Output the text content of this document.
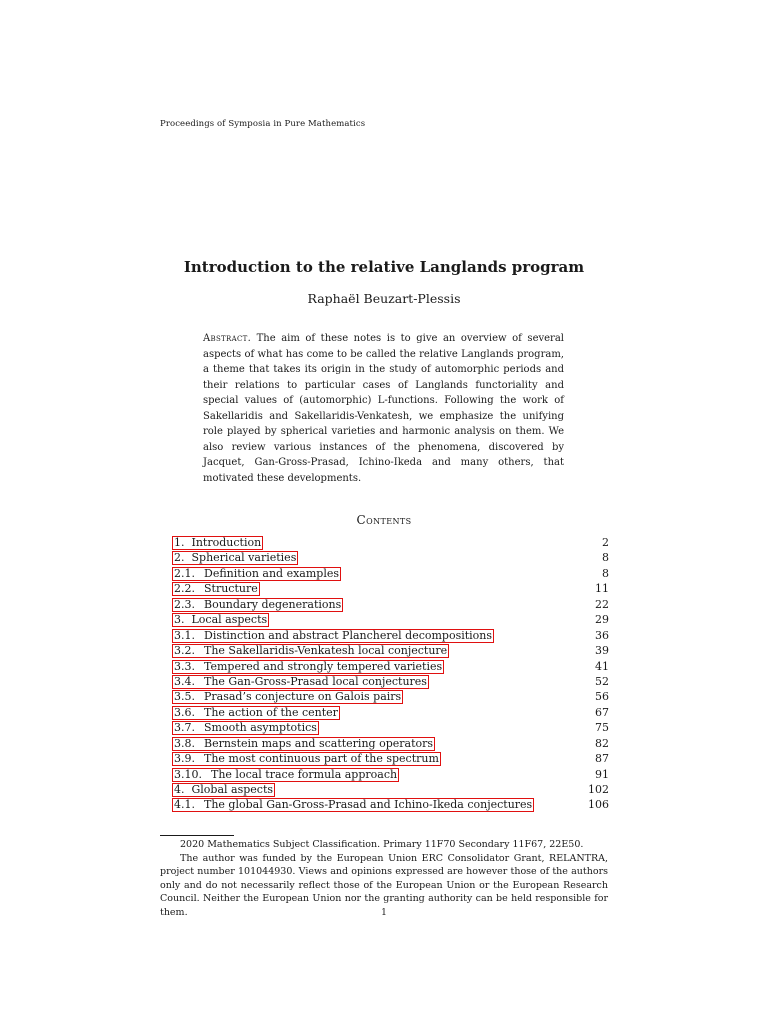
Proceedings of Symposia in Pure Mathematics
Introduction to the relative Langlands program
Raphaël Beuzart-Plessis
Abstract. The aim of these notes is to give an overview of several aspects of what has come to be called the relative Langlands program, a theme that takes its origin in the study of automorphic periods and their relations to particular cases of Langlands functoriality and special values of (automorphic) L-functions. Following the work of Sakellaridis and Sakellaridis-Venkatesh, we emphasize the unifying role played by spherical varieties and harmonic analysis on them. We also review various instances of the phenomena, discovered by Jacquet, Gan-Gross-Prasad, Ichino-Ikeda and many others, that motivated these developments.
Contents
1. Introduction	2
2. Spherical varieties	8
2.1. Definition and examples	8
2.2. Structure	11
2.3. Boundary degenerations	22
3. Local aspects	29
3.1. Distinction and abstract Plancherel decompositions	36
3.2. The Sakellaridis-Venkatesh local conjecture	39
3.3. Tempered and strongly tempered varieties	41
3.4. The Gan-Gross-Prasad local conjectures	52
3.5. Prasad’s conjecture on Galois pairs	56
3.6. The action of the center	67
3.7. Smooth asymptotics	75
3.8. Bernstein maps and scattering operators	82
3.9. The most continuous part of the spectrum	87
3.10. The local trace formula approach	91
4. Global aspects	102
4.1. The global Gan-Gross-Prasad and Ichino-Ikeda conjectures	106

2020 Mathematics Subject Classification. Primary 11F70 Secondary 11F67, 22E50.

The author was funded by the European Union ERC Consolidator Grant, RELANTRA, project number 101044930. Views and opinions expressed are however those of the authors only and do not necessarily reflect those of the European Union or the European Research Council. Neither the European Union nor the granting authority can be held responsible for them.	1
